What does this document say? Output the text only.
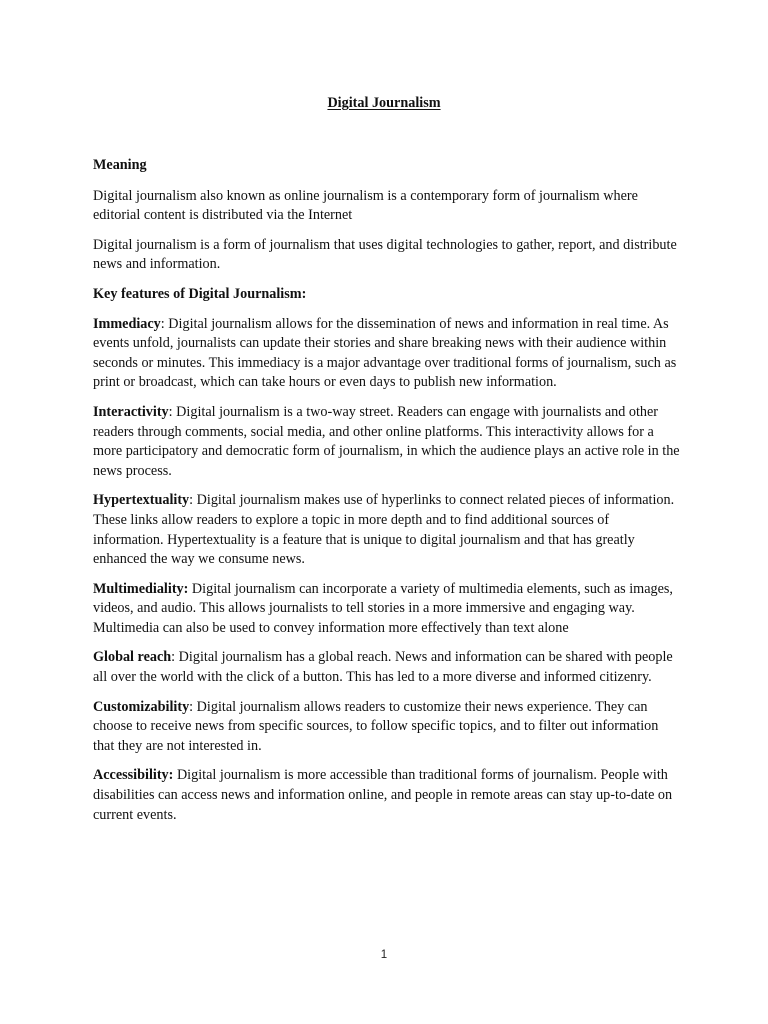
Digital Journalism
Meaning

Digital journalism also known as online journalism is a contemporary form of journalism where editorial content is distributed via the Internet

Digital journalism is a form of journalism that uses digital technologies to gather, report, and distribute news and information.

Key features of Digital Journalism:

Immediacy: Digital journalism allows for the dissemination of news and information in real time. As events unfold, journalists can update their stories and share breaking news with their audience within seconds or minutes. This immediacy is a major advantage over traditional forms of journalism, such as print or broadcast, which can take hours or even days to publish new information.

Interactivity: Digital journalism is a two-way street. Readers can engage with journalists and other readers through comments, social media, and other online platforms. This interactivity allows for a more participatory and democratic form of journalism, in which the audience plays an active role in the news process.

Hypertextuality: Digital journalism makes use of hyperlinks to connect related pieces of information. These links allow readers to explore a topic in more depth and to find additional sources of information. Hypertextuality is a feature that is unique to digital journalism and that has greatly enhanced the way we consume news.

Multimediality: Digital journalism can incorporate a variety of multimedia elements, such as images, videos, and audio. This allows journalists to tell stories in a more immersive and engaging way. Multimedia can also be used to convey information more effectively than text alone

Global reach: Digital journalism has a global reach. News and information can be shared with people all over the world with the click of a button. This has led to a more diverse and informed citizenry.

Customizability: Digital journalism allows readers to customize their news experience. They can choose to receive news from specific sources, to follow specific topics, and to filter out information that they are not interested in.

Accessibility: Digital journalism is more accessible than traditional forms of journalism. People with disabilities can access news and information online, and people in remote areas can stay up-to-date on current events.

1
